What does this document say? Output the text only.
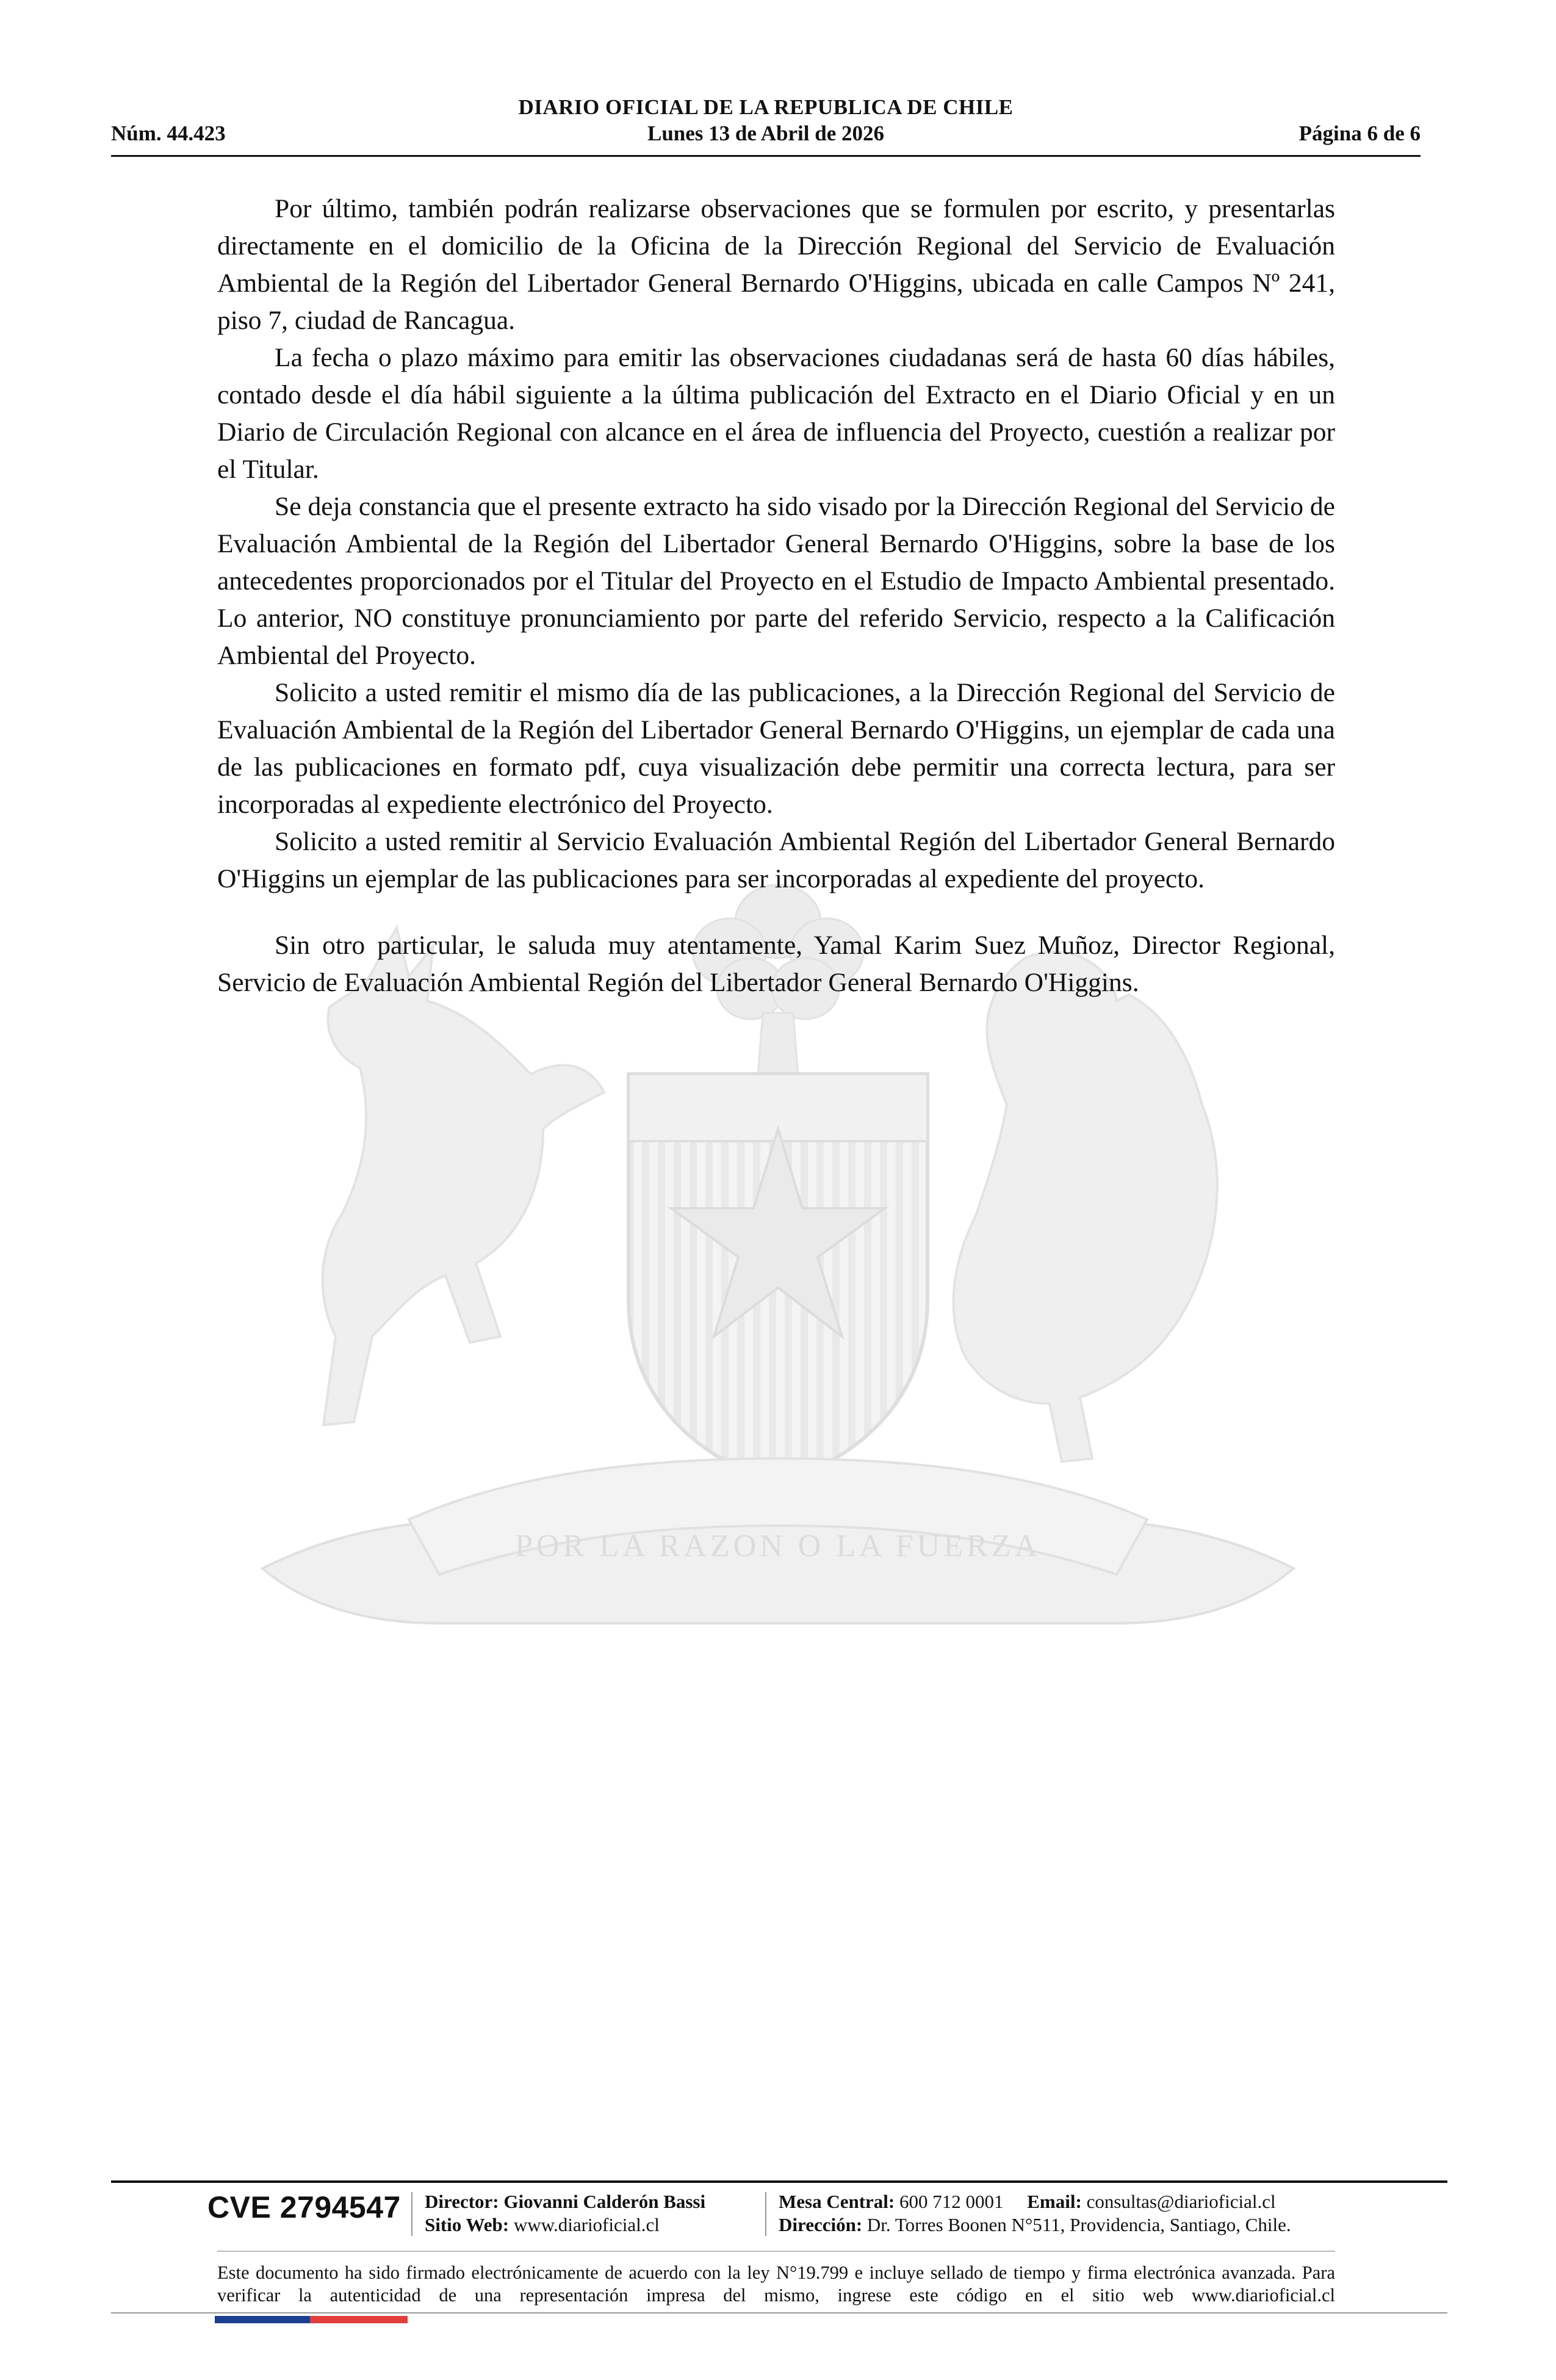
DIARIO OFICIAL DE LA REPUBLICA DE CHILE
Núm. 44.423	Lunes 13 de Abril de 2026	Página 6 de 6
POR LA RAZON O LA FUERZA

Por último, también podrán realizarse observaciones que se formulen por escrito, y presentarlas directamente en el domicilio de la Oficina de la Dirección Regional del Servicio de Evaluación Ambiental de la Región del Libertador General Bernardo O'Higgins, ubicada en calle Campos Nº 241, piso 7, ciudad de Rancagua.

La fecha o plazo máximo para emitir las observaciones ciudadanas será de hasta 60 días hábiles, contado desde el día hábil siguiente a la última publicación del Extracto en el Diario Oficial y en un Diario de Circulación Regional con alcance en el área de influencia del Proyecto, cuestión a realizar por el Titular.

Se deja constancia que el presente extracto ha sido visado por la Dirección Regional del Servicio de Evaluación Ambiental de la Región del Libertador General Bernardo O'Higgins, sobre la base de los antecedentes proporcionados por el Titular del Proyecto en el Estudio de Impacto Ambiental presentado. Lo anterior, NO constituye pronunciamiento por parte del referido Servicio, respecto a la Calificación Ambiental del Proyecto.

Solicito a usted remitir el mismo día de las publicaciones, a la Dirección Regional del Servicio de Evaluación Ambiental de la Región del Libertador General Bernardo O'Higgins, un ejemplar de cada una de las publicaciones en formato pdf, cuya visualización debe permitir una correcta lectura, para ser incorporadas al expediente electrónico del Proyecto.

Solicito a usted remitir al Servicio Evaluación Ambiental Región del Libertador General Bernardo O'Higgins un ejemplar de las publicaciones para ser incorporadas al expediente del proyecto.

Sin otro particular, le saluda muy atentamente, Yamal Karim Suez Muñoz, Director Regional, Servicio de Evaluación Ambiental Región del Libertador General Bernardo O'Higgins.

CVE 2794547 Director: Giovanni Calderón Bassi
Sitio Web: www.diarioficial.cl
Mesa Central: 600 712 0001 Email: consultas@diarioficial.cl
Dirección: Dr. Torres Boonen N°511, Providencia, Santiago, Chile.
Este documento ha sido firmado electrónicamente de acuerdo con la ley N°19.799 e incluye sellado de tiempo y firma electrónica avanzada. Para verificar la autenticidad de una representación impresa del mismo, ingrese este código en el sitio web www.diarioficial.cl
